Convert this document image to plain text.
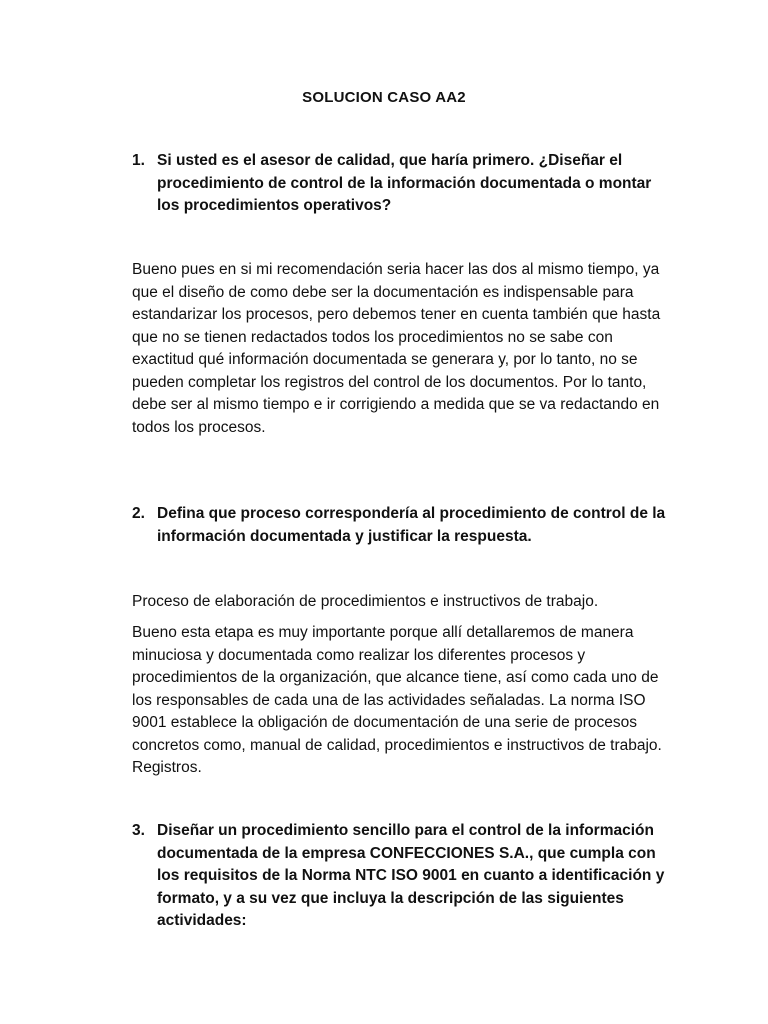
SOLUCION CASO AA2
1. Si usted es el asesor de calidad, que haría primero. ¿Diseñar el procedimiento de control de la información documentada o montar los procedimientos operativos?
Bueno pues en si mi recomendación seria hacer las dos al mismo tiempo, ya que el diseño de como debe ser la documentación es indispensable para estandarizar los procesos, pero debemos tener en cuenta también que hasta que no se tienen redactados todos los procedimientos no se sabe con exactitud qué información documentada se generara y, por lo tanto, no se pueden completar los registros del control de los documentos. Por lo tanto, debe ser al mismo tiempo e ir corrigiendo a medida que se va redactando en todos los procesos.
2. Defina que proceso correspondería al procedimiento de control de la información documentada y justificar la respuesta.
Proceso de elaboración de procedimientos e instructivos de trabajo.
Bueno esta etapa es muy importante porque allí detallaremos de manera minuciosa y documentada como realizar los diferentes procesos y procedimientos de la organización, que alcance tiene, así como cada uno de los responsables de cada una de las actividades señaladas. La norma ISO 9001 establece la obligación de documentación de una serie de procesos concretos como, manual de calidad, procedimientos e instructivos de trabajo. Registros.
3. Diseñar un procedimiento sencillo para el control de la información documentada de la empresa CONFECCIONES S.A., que cumpla con los requisitos de la Norma NTC ISO 9001 en cuanto a identificación y formato, y a su vez que incluya la descripción de las siguientes actividades:
